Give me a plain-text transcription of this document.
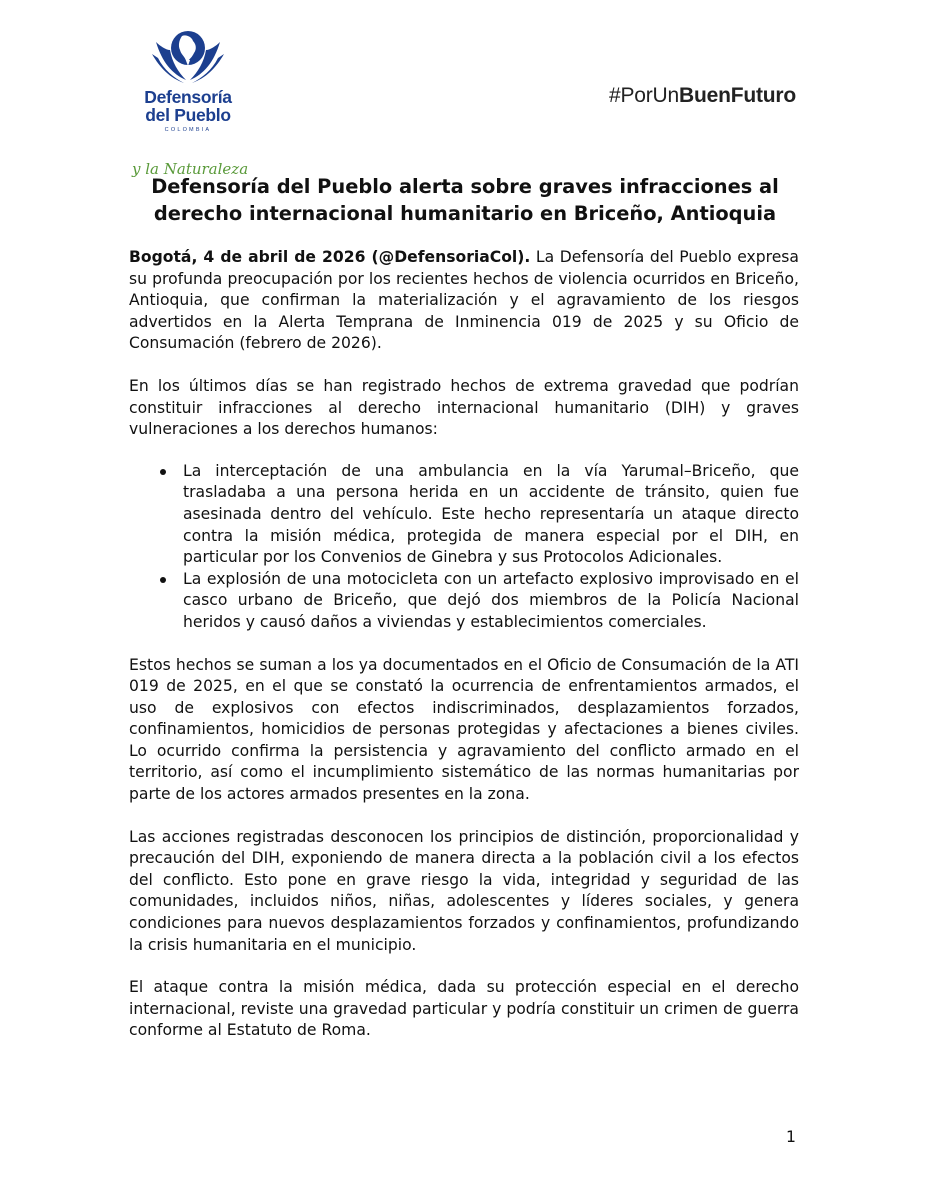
Defensoría
del Pueblo
COLOMBIA
y la Naturaleza
#PorUnBuenFuturo
Defensoría del Pueblo alerta sobre graves infracciones al
derecho internacional humanitario en Briceño, Antioquia

Bogotá, 4 de abril de 2026 (@DefensoriaCol). La Defensoría del Pueblo expresa su profunda preocupación por los recientes hechos de violencia ocurridos en Briceño, Antioquia, que confirman la materialización y el agravamiento de los riesgos advertidos en la Alerta Temprana de Inminencia 019 de 2025 y su Oficio de Consumación (febrero de 2026).

En los últimos días se han registrado hechos de extrema gravedad que podrían constituir infracciones al derecho internacional humanitario (DIH) y graves vulneraciones a los derechos humanos:

La interceptación de una ambulancia en la vía Yarumal–Briceño, que trasladaba a una persona herida en un accidente de tránsito, quien fue asesinada dentro del vehículo. Este hecho representaría un ataque directo contra la misión médica, protegida de manera especial por el DIH, en particular por los Convenios de Ginebra y sus Protocolos Adicionales.
La explosión de una motocicleta con un artefacto explosivo improvisado en el casco urbano de Briceño, que dejó dos miembros de la Policía Nacional heridos y causó daños a viviendas y establecimientos comerciales.

Estos hechos se suman a los ya documentados en el Oficio de Consumación de la ATI 019 de 2025, en el que se constató la ocurrencia de enfrentamientos armados, el uso de explosivos con efectos indiscriminados, desplazamientos forzados, confinamientos, homicidios de personas protegidas y afectaciones a bienes civiles. Lo ocurrido confirma la persistencia y agravamiento del conflicto armado en el territorio, así como el incumplimiento sistemático de las normas humanitarias por parte de los actores armados presentes en la zona.

Las acciones registradas desconocen los principios de distinción, proporcionalidad y precaución del DIH, exponiendo de manera directa a la población civil a los efectos del conflicto. Esto pone en grave riesgo la vida, integridad y seguridad de las comunidades, incluidos niños, niñas, adolescentes y líderes sociales, y genera condiciones para nuevos desplazamientos forzados y confinamientos, profundizando la crisis humanitaria en el municipio.

El ataque contra la misión médica, dada su protección especial en el derecho internacional, reviste una gravedad particular y podría constituir un crimen de guerra conforme al Estatuto de Roma.

1
